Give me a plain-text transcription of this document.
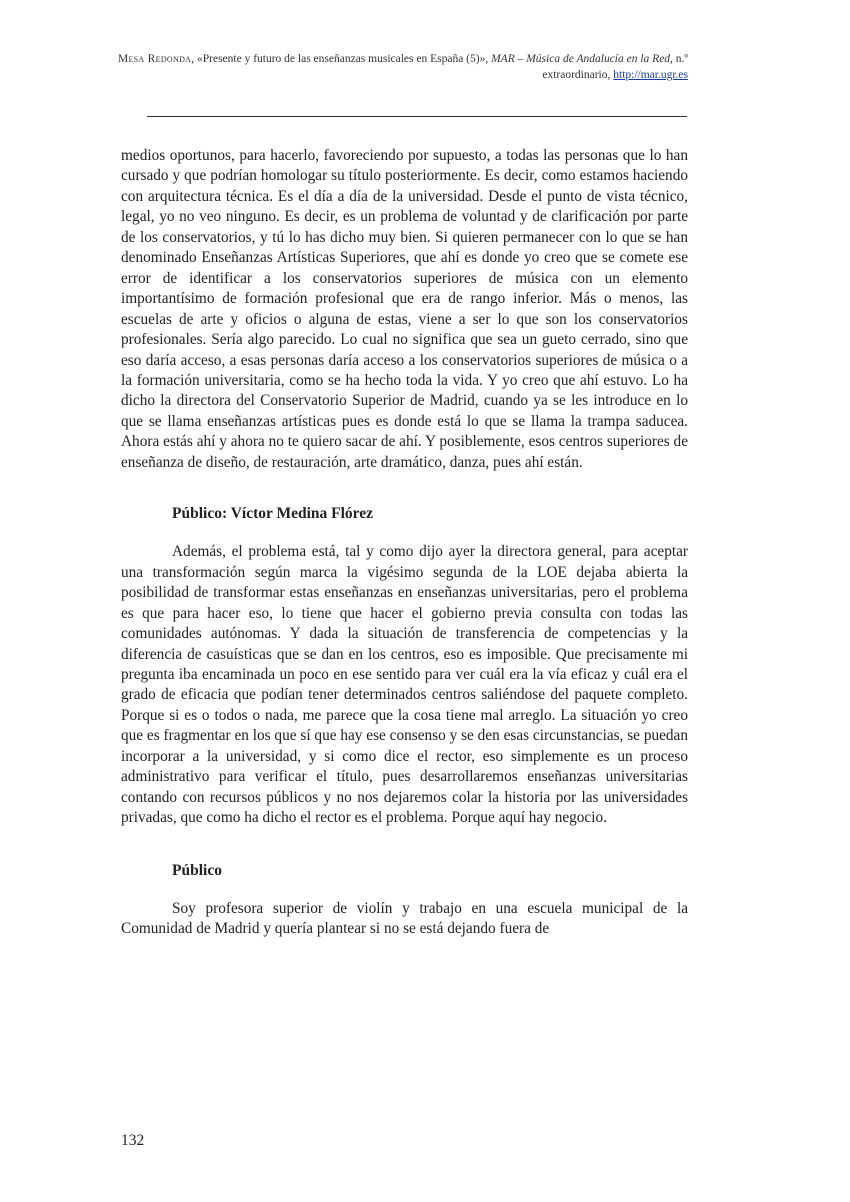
Mesa Redonda, «Presente y futuro de las enseñanzas musicales en España (5)», MAR – Música de Andalucía en la Red, n.º extraordinario, http://mar.ugr.es

medios oportunos, para hacerlo, favoreciendo por supuesto, a todas las personas que lo han cursado y que podrían homologar su título posteriormente. Es decir, como estamos haciendo con arquitectura técnica. Es el día a día de la universidad. Desde el punto de vista técnico, legal, yo no veo ninguno. Es decir, es un problema de voluntad y de clarificación por parte de los conservatorios, y tú lo has dicho muy bien. Si quieren permanecer con lo que se han denominado Enseñanzas Artísticas Superiores, que ahí es donde yo creo que se comete ese error de identificar a los conservatorios superiores de música con un elemento importantísimo de formación profesional que era de rango inferior. Más o menos, las escuelas de arte y oficios o alguna de estas, viene a ser lo que son los conservatorios profesionales. Sería algo parecido. Lo cual no significa que sea un gueto cerrado, sino que eso daría acceso, a esas personas daría acceso a los conservatorios superiores de música o a la formación universitaria, como se ha hecho toda la vida. Y yo creo que ahí estuvo. Lo ha dicho la directora del Conservatorio Superior de Madrid, cuando ya se les introduce en lo que se llama enseñanzas artísticas pues es donde está lo que se llama la trampa saducea. Ahora estás ahí y ahora no te quiero sacar de ahí. Y posiblemente, esos centros superiores de enseñanza de diseño, de restauración, arte dramático, danza, pues ahí están.

Público: Víctor Medina Flórez

Además, el problema está, tal y como dijo ayer la directora general, para aceptar una transformación según marca la vigésimo segunda de la LOE dejaba abierta la posibilidad de transformar estas enseñanzas en enseñanzas universitarias, pero el problema es que para hacer eso, lo tiene que hacer el gobierno previa consulta con todas las comunidades autónomas. Y dada la situación de transferencia de competencias y la diferencia de casuísticas que se dan en los centros, eso es imposible. Que precisamente mi pregunta iba encaminada un poco en ese sentido para ver cuál era la vía eficaz y cuál era el grado de eficacia que podían tener determinados centros saliéndose del paquete completo. Porque si es o todos o nada, me parece que la cosa tiene mal arreglo. La situación yo creo que es fragmentar en los que sí que hay ese consenso y se den esas circunstancias, se puedan incorporar a la universidad, y si como dice el rector, eso simplemente es un proceso administrativo para verificar el título, pues desarrollaremos enseñanzas universitarias contando con recursos públicos y no nos dejaremos colar la historia por las universidades privadas, que como ha dicho el rector es el problema. Porque aquí hay negocio.

Público

Soy profesora superior de violín y trabajo en una escuela municipal de la Comunidad de Madrid y quería plantear si no se está dejando fuera de

132
